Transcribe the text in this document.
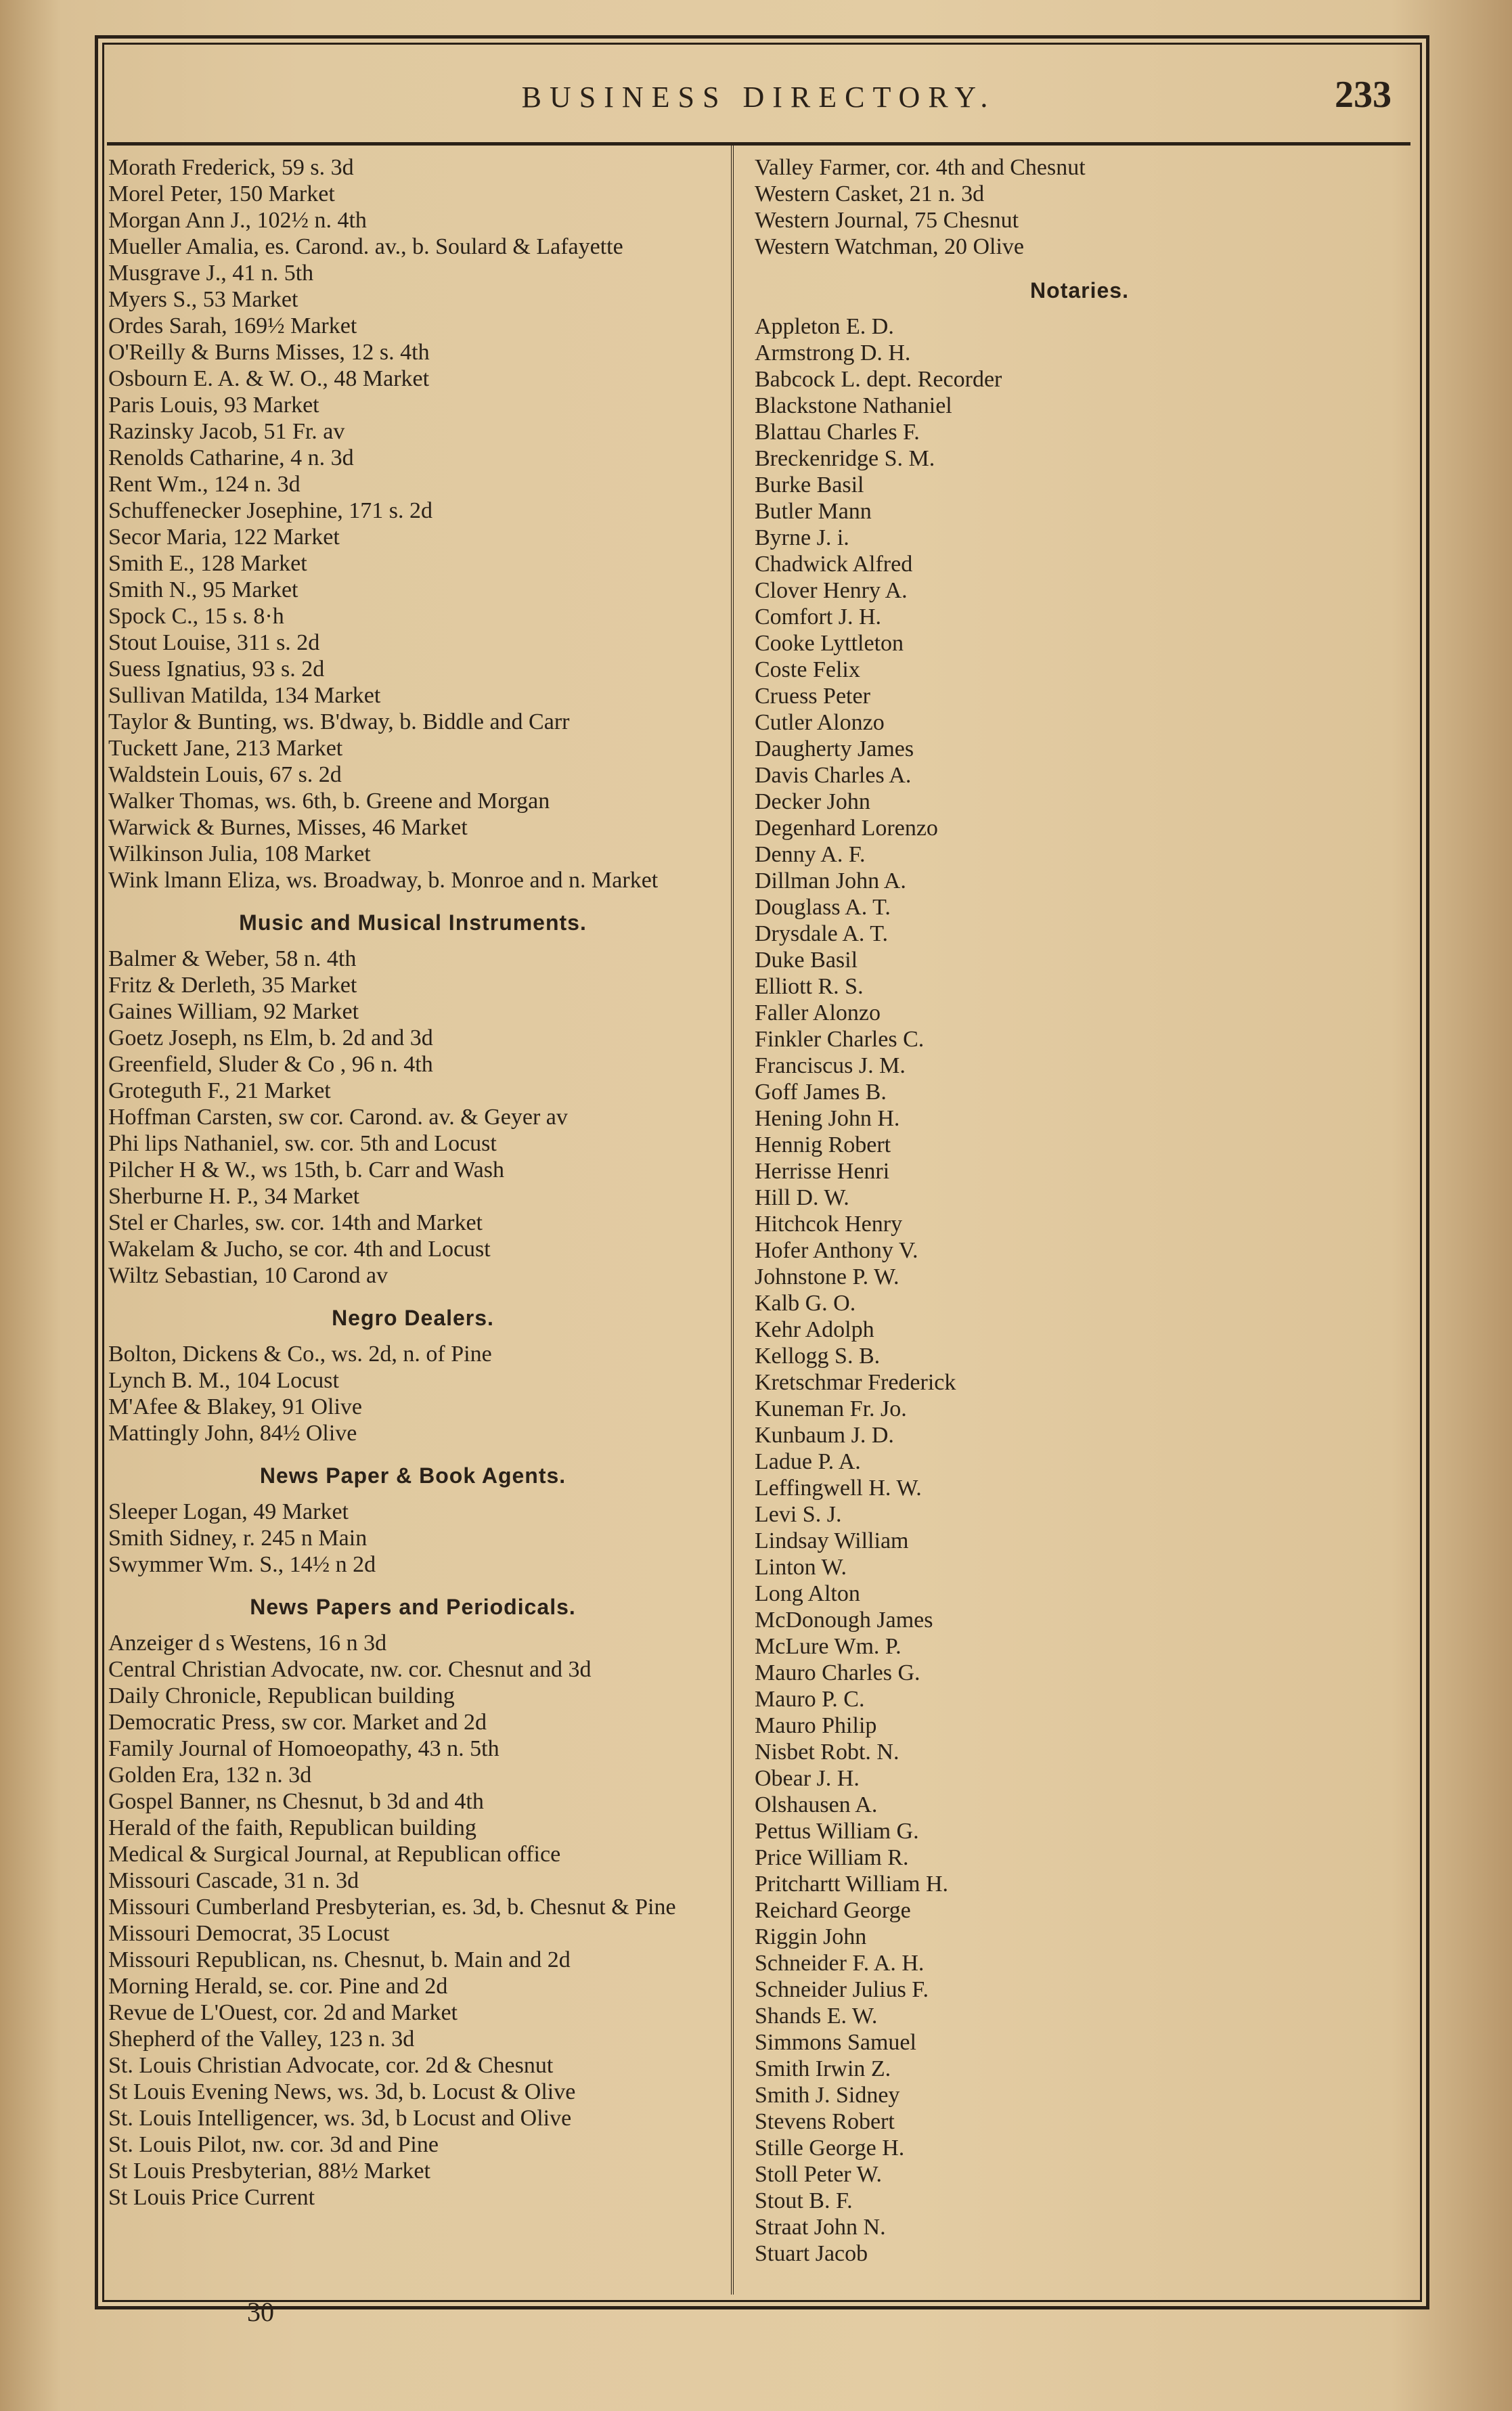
BUSINESS DIRECTORY.	233
Morath Frederick, 59 s. 3d
Morel Peter, 150 Market
Morgan Ann J., 102½ n. 4th
Mueller Amalia, es. Carond. av., b. Soulard & Lafayette
Musgrave J., 41 n. 5th
Myers S., 53 Market
Ordes Sarah, 169½ Market
O'Reilly & Burns Misses, 12 s. 4th
Osbourn E. A. & W. O., 48 Market
Paris Louis, 93 Market
Razinsky Jacob, 51 Fr. av
Renolds Catharine, 4 n. 3d
Rent Wm., 124 n. 3d
Schuffenecker Josephine, 171 s. 2d
Secor Maria, 122 Market
Smith E., 128 Market
Smith N., 95 Market
Spock C., 15 s. 8·h
Stout Louise, 311 s. 2d
Suess Ignatius, 93 s. 2d
Sullivan Matilda, 134 Market
Taylor & Bunting, ws. B'dway, b. Biddle and Carr
Tuckett Jane, 213 Market
Waldstein Louis, 67 s. 2d
Walker Thomas, ws. 6th, b. Greene and Morgan
Warwick & Burnes, Misses, 46 Market
Wilkinson Julia, 108 Market
Wink lmann Eliza, ws. Broadway, b. Monroe and n. Market
Music and Musical Instruments.
Balmer & Weber, 58 n. 4th
Fritz & Derleth, 35 Market
Gaines William, 92 Market
Goetz Joseph, ns Elm, b. 2d and 3d
Greenfield, Sluder & Co , 96 n. 4th
Groteguth F., 21 Market
Hoffman Carsten, sw cor. Carond. av. & Geyer av
Phi lips Nathaniel, sw. cor. 5th and Locust
Pilcher H & W., ws 15th, b. Carr and Wash
Sherburne H. P., 34 Market
Stel er Charles, sw. cor. 14th and Market
Wakelam & Jucho, se cor. 4th and Locust
Wiltz Sebastian, 10 Carond av
Negro Dealers.
Bolton, Dickens & Co., ws. 2d, n. of Pine
Lynch B. M., 104 Locust
M'Afee & Blakey, 91 Olive
Mattingly John, 84½ Olive
News Paper & Book Agents.
Sleeper Logan, 49 Market
Smith Sidney, r. 245 n Main
Swymmer Wm. S., 14½ n 2d
News Papers and Periodicals.
Anzeiger d s Westens, 16 n 3d
Central Christian Advocate, nw. cor. Chesnut and 3d
Daily Chronicle, Republican building
Democratic Press, sw cor. Market and 2d
Family Journal of Homoeopathy, 43 n. 5th
Golden Era, 132 n. 3d
Gospel Banner, ns Chesnut, b 3d and 4th
Herald of the faith, Republican building
Medical & Surgical Journal, at Republican office
Missouri Cascade, 31 n. 3d
Missouri Cumberland Presbyterian, es. 3d, b. Chesnut & Pine
Missouri Democrat, 35 Locust
Missouri Republican, ns. Chesnut, b. Main and 2d
Morning Herald, se. cor. Pine and 2d
Revue de L'Ouest, cor. 2d and Market
Shepherd of the Valley, 123 n. 3d
St. Louis Christian Advocate, cor. 2d & Chesnut
St Louis Evening News, ws. 3d, b. Locust & Olive
St. Louis Intelligencer, ws. 3d, b Locust and Olive
St. Louis Pilot, nw. cor. 3d and Pine
St Louis Presbyterian, 88½ Market
St Louis Price Current
Valley Farmer, cor. 4th and Chesnut
Western Casket, 21 n. 3d
Western Journal, 75 Chesnut
Western Watchman, 20 Olive
Notaries.
Appleton E. D.
Armstrong D. H.
Babcock L. dept. Recorder
Blackstone Nathaniel
Blattau Charles F.
Breckenridge S. M.
Burke Basil
Butler Mann
Byrne J. i.
Chadwick Alfred
Clover Henry A.
Comfort J. H.
Cooke Lyttleton
Coste Felix
Cruess Peter
Cutler Alonzo
Daugherty James
Davis Charles A.
Decker John
Degenhard Lorenzo
Denny A. F.
Dillman John A.
Douglass A. T.
Drysdale A. T.
Duke Basil
Elliott R. S.
Faller Alonzo
Finkler Charles C.
Franciscus J. M.
Goff James B.
Hening John H.
Hennig Robert
Herrisse Henri
Hill D. W.
Hitchcok Henry
Hofer Anthony V.
Johnstone P. W.
Kalb G. O.
Kehr Adolph
Kellogg S. B.
Kretschmar Frederick
Kuneman Fr. Jo.
Kunbaum J. D.
Ladue P. A.
Leffingwell H. W.
Levi S. J.
Lindsay William
Linton W.
Long Alton
McDonough James
McLure Wm. P.
Mauro Charles G.
Mauro P. C.
Mauro Philip
Nisbet Robt. N.
Obear J. H.
Olshausen A.
Pettus William G.
Price William R.
Pritchartt William H.
Reichard George
Riggin John
Schneider F. A. H.
Schneider Julius F.
Shands E. W.
Simmons Samuel
Smith Irwin Z.
Smith J. Sidney
Stevens Robert
Stille George H.
Stoll Peter W.
Stout B. F.
Straat John N.
Stuart Jacob
30
